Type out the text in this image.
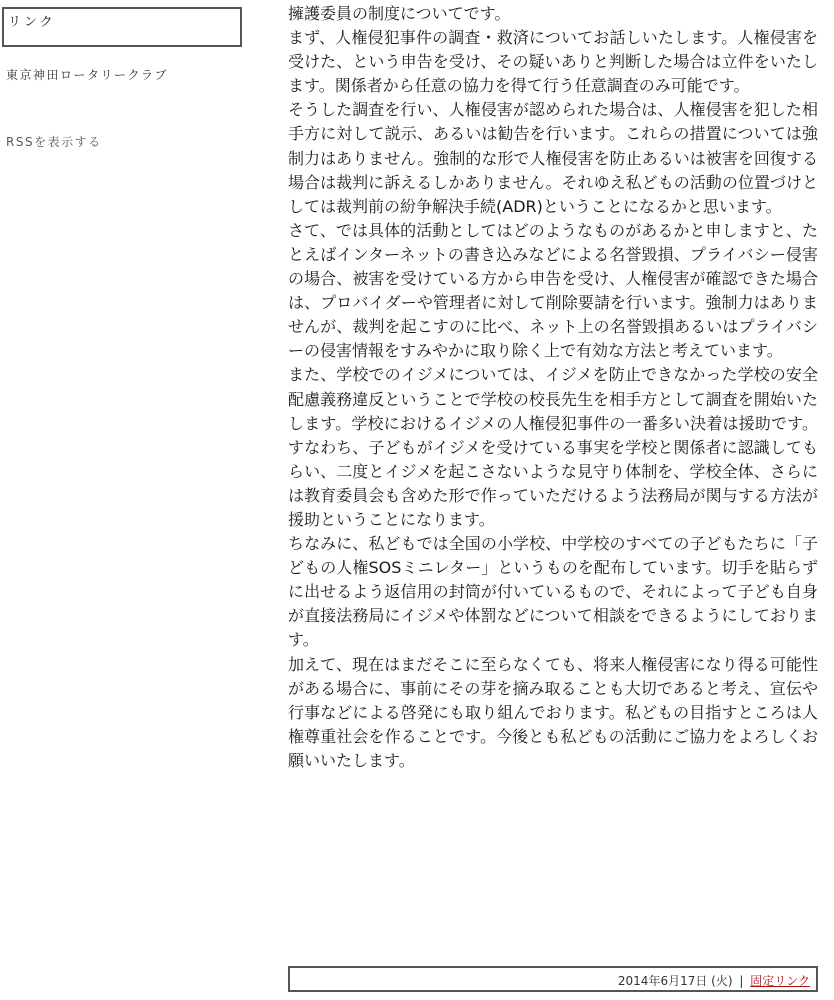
リンク
東京神田ロータリークラブ
RSSを表示する

擁護委員の制度についてです。

まず、人権侵犯事件の調査・救済についてお話しいたします。人権侵害を受けた、という申告を受け、その疑いありと判断した場合は立件をいたします。関係者から任意の協力を得て行う任意調査のみ可能です。

そうした調査を行い、人権侵害が認められた場合は、人権侵害を犯した相手方に対して説示、あるいは勧告を行います。これらの措置については強制力はありません。強制的な形で人権侵害を防止あるいは被害を回復する場合は裁判に訴えるしかありません。それゆえ私どもの活動の位置づけとしては裁判前の紛争解決手続(ADR)ということになるかと思います。

さて、では具体的活動としてはどのようなものがあるかと申しますと、たとえばインターネットの書き込みなどによる名誉毀損、プライバシー侵害の場合、被害を受けている方から申告を受け、人権侵害が確認できた場合は、プロバイダーや管理者に対して削除要請を行います。強制力はありませんが、裁判を起こすのに比べ、ネット上の名誉毀損あるいはプライバシーの侵害情報をすみやかに取り除く上で有効な方法と考えています。

また、学校でのイジメについては、イジメを防止できなかった学校の安全配慮義務違反ということで学校の校長先生を相手方として調査を開始いたします。学校におけるイジメの人権侵犯事件の一番多い決着は援助です。すなわち、子どもがイジメを受けている事実を学校と関係者に認識してもらい、二度とイジメを起こさないような見守り体制を、学校全体、さらには教育委員会も含めた形で作っていただけるよう法務局が関与する方法が援助ということになります。

ちなみに、私どもでは全国の小学校、中学校のすべての子どもたちに「子どもの人権SOSミニレター」というものを配布しています。切手を貼らずに出せるよう返信用の封筒が付いているもので、それによって子ども自身が直接法務局にイジメや体罰などについて相談をできるようにしております。

加えて、現在はまだそこに至らなくても、将来人権侵害になり得る可能性がある場合に、事前にその芽を摘み取ることも大切であると考え、宣伝や行事などによる啓発にも取り組んでおります。私どもの目指すところは人権尊重社会を作ることです。今後とも私どもの活動にご協力をよろしくお願いいたします。

2014年6月17日 (火) | 固定リンク
